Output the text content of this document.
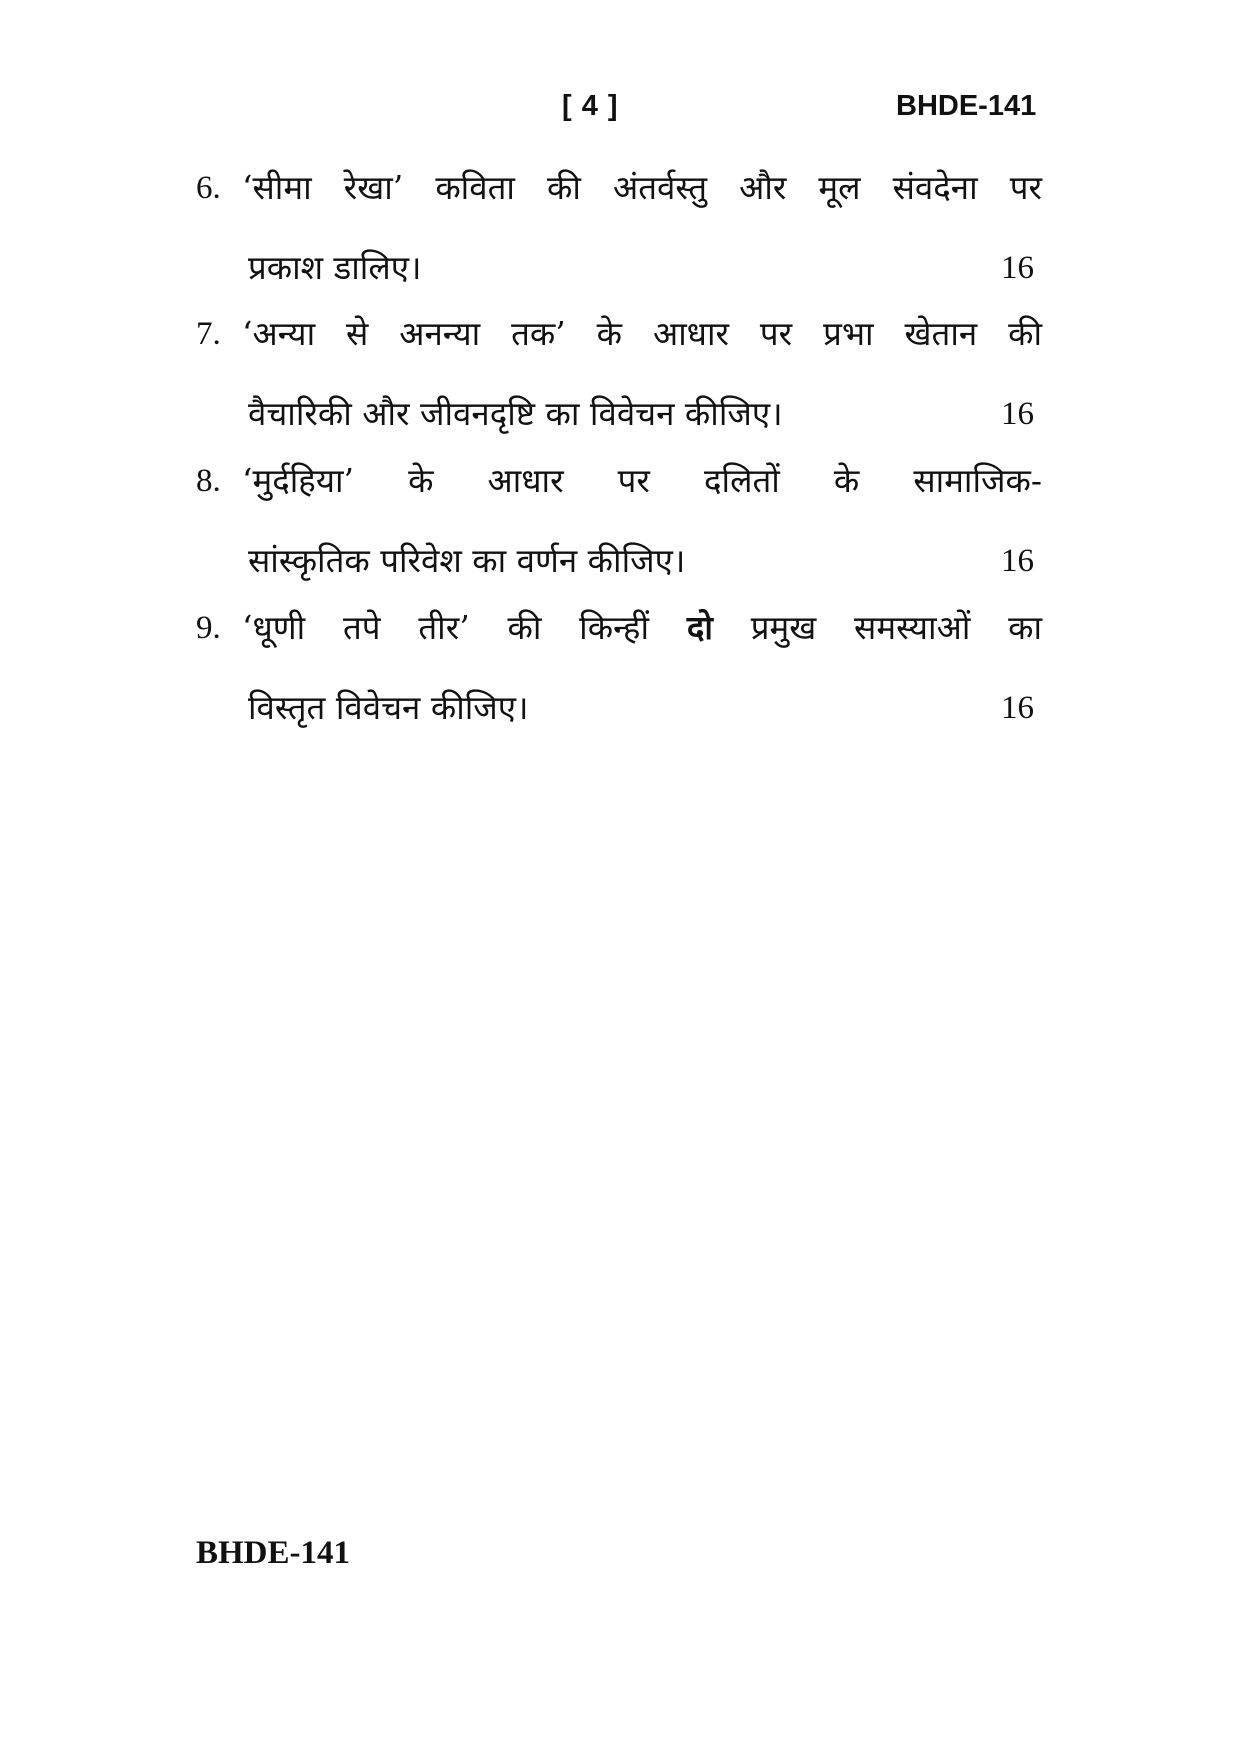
[ 4 ]	BHDE-141
6. ‘सीमा रेखा’ कविता की अंतर्वस्तु और मूल संवदेना पर
प्रकाश डालिए।	16
7. ‘अन्या से अनन्या तक’ के आधार पर प्रभा खेतान की
वैचारिकी और जीवनदृष्टि का विवेचन कीजिए।	16
8. ‘मुर्दहिया’ के आधार पर दलितों के सामाजिक-
सांस्कृतिक परिवेश का वर्णन कीजिए।	16
9. ‘धूणी तपे तीर’ की किन्हीं दो प्रमुख समस्याओं का
विस्तृत विवेचन कीजिए।	16
BHDE-141
